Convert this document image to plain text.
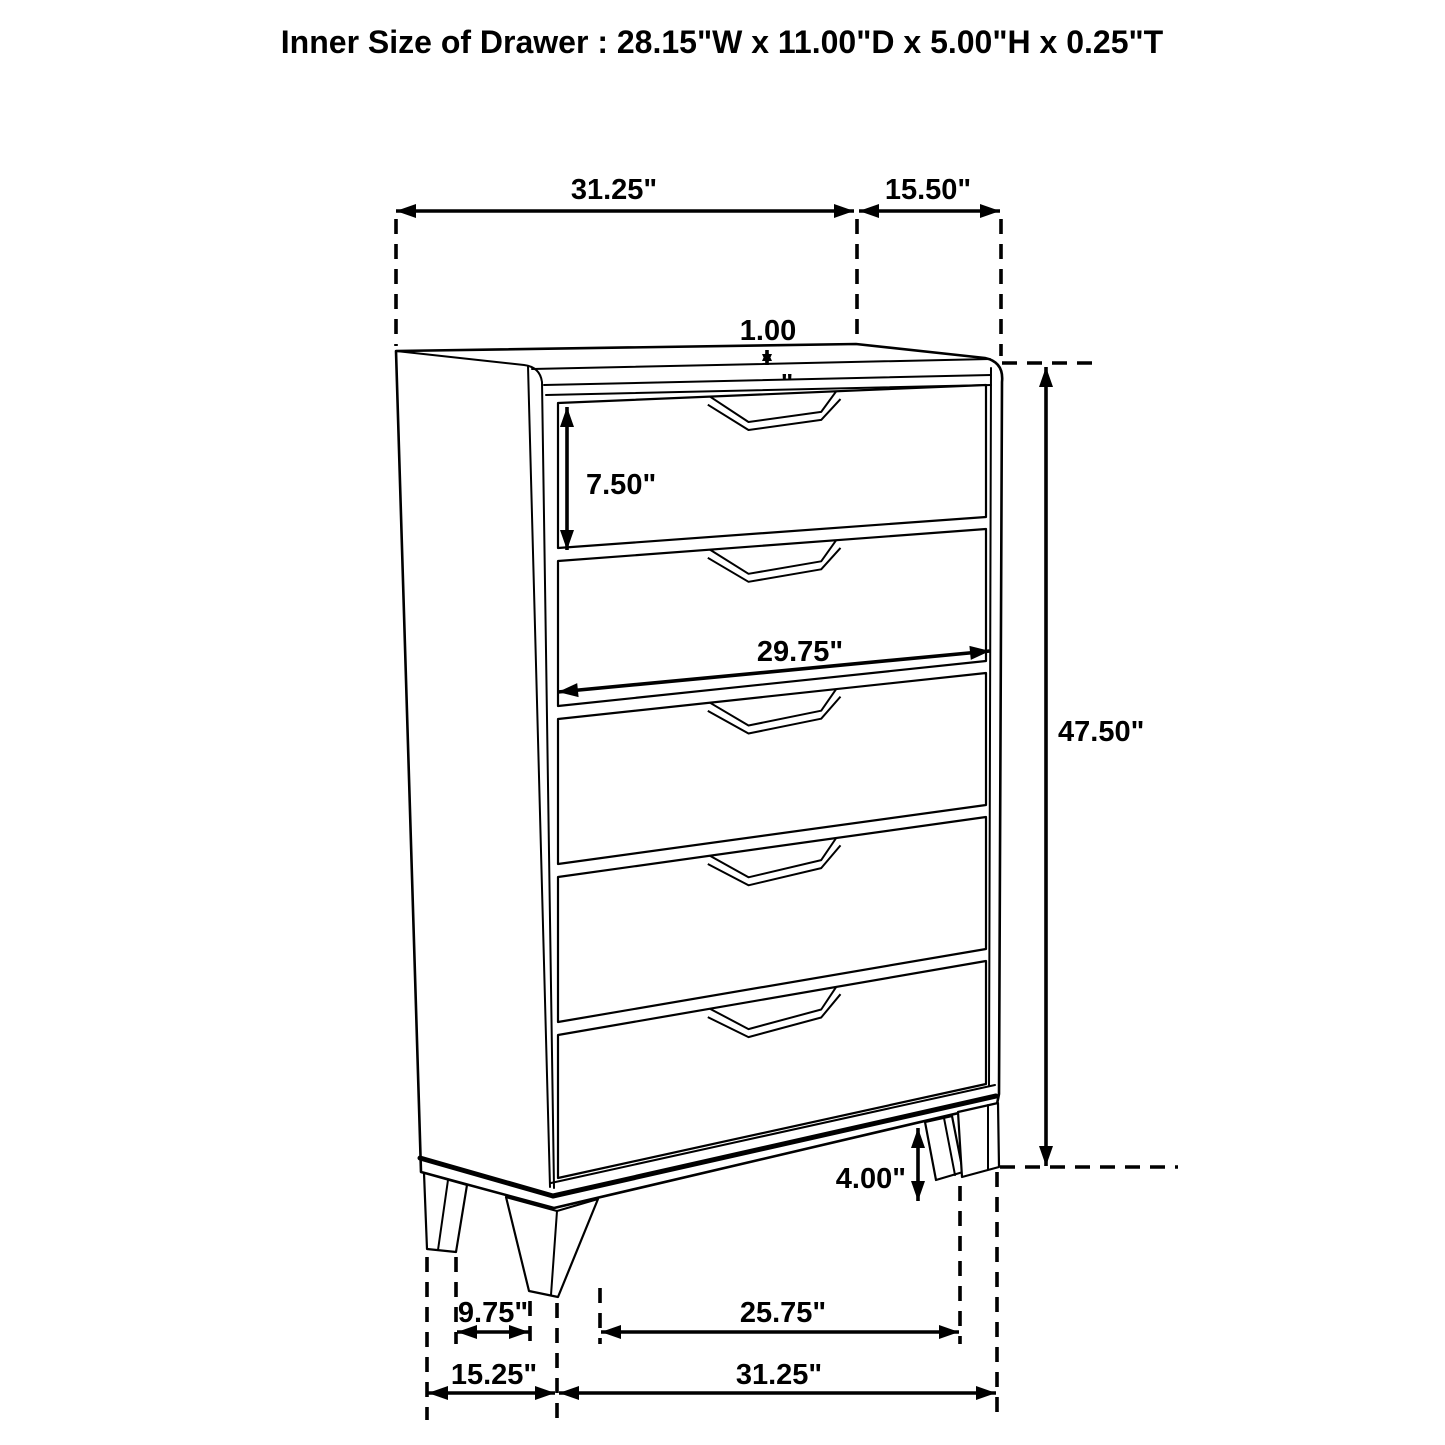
Inner Size of Drawer : 28.15"W x 11.00"D x 5.00"H x 0.25"T
31.25"	15.50"
1.00
"
7.50"
29.75"
47.50"
4.00"
9.75"	25.75"
15.25"	31.25"
